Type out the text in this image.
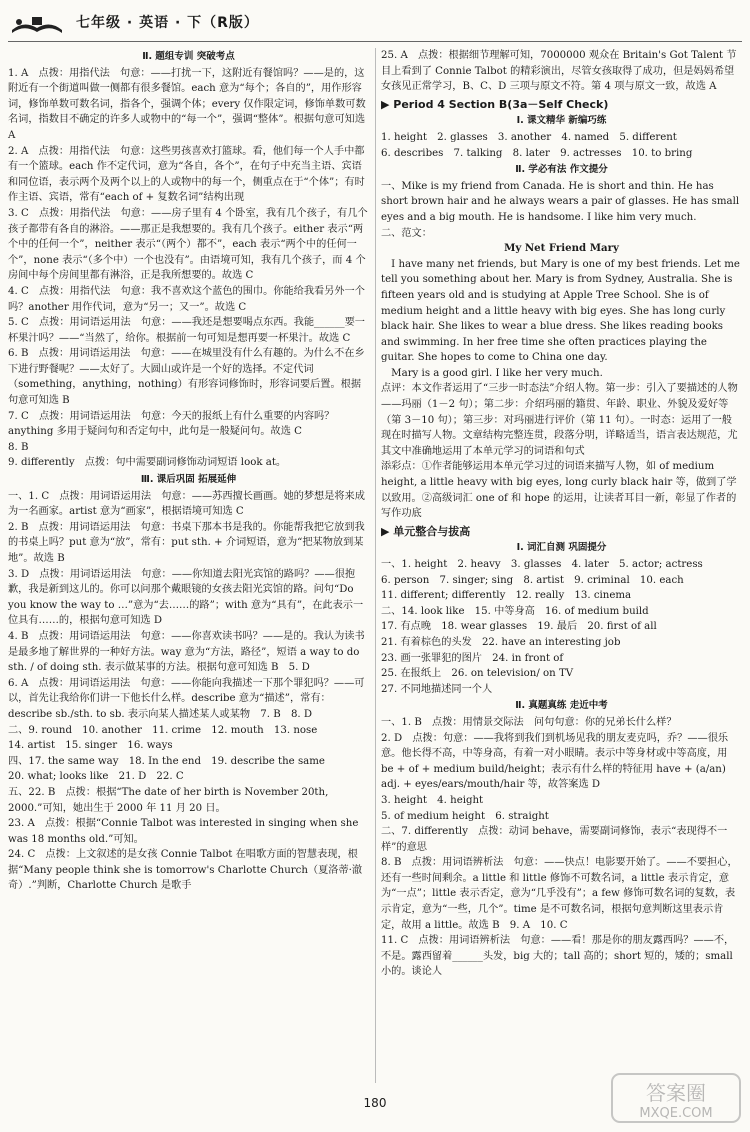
七年级 · 英语 · 下（R版）
Ⅱ. 题组专训 突破考点
1. A　点拨：用指代法　句意：——打扰一下，这附近有餐馆吗？——是的，这附近有一个街道叫做一侧都有很多餐馆。each 意为“每个；各自的”，用作形容词，修饰单数可数名词，指各个，强调个体；every 仅作限定词，修饰单数可数名词，指数目不确定的许多人或物中的“每一个”，强调“整体”。根据句意可知选 A
2. A　点拨：用指代法　句意：这些男孩喜欢打篮球。看，他们每一个人手中都有一个篮球。each 作不定代词，意为“各自，各个”，在句子中充当主语、宾语和同位语，表示两个及两个以上的人或物中的每一个，侧重点在于“个体”；有时作主语、宾语，常有“each of + 复数名词”结构出现
3. C　点拨：用指代法　句意：——房子里有 4 个卧室，我有几个孩子，有几个孩子都带有各自的淋浴。——那正是我想要的。我有几个孩子。either 表示“两个中的任何一个”，neither 表示“（两个）都不”，each 表示“两个中的任何一个”，none 表示“（多个中）一个也没有”。由语境可知，我有几个孩子，而 4 个房间中每个房间里都有淋浴，正是我所想要的。故选 C
4. C　点拨：用指代法　句意：我不喜欢这个蓝色的围巾。你能给我看另外一个吗？another 用作代词，意为“另一；又一”。故选 C
5. C　点拨：用词语运用法　句意：——我还是想要喝点东西。我能______要一杯果汁吗？——“当然了，给你。根据前一句可知是想再要一杯果汁。故选 C
6. B　点拨：用词语运用法　句意：——在城里没有什么有趣的。为什么不在乡下进行野餐呢？——太好了。大圆山或许是一个好的选择。不定代词（something，anything，nothing）有形容词修饰时，形容词要后置。根据句意可知选 B
7. C　点拨：用词语运用法　句意：今天的报纸上有什么重要的内容吗？anything 多用于疑问句和否定句中，此句是一般疑问句。故选 C
8. B
9. differently　点拨：句中需要副词修饰动词短语 look at。
Ⅲ. 课后巩固 拓展延伸
一、1. C　点拨：用词语运用法　句意：——苏西擅长画画。她的梦想是将来成为一名画家。artist 意为“画家”，根据语境可知选 C
2. B　点拨：用词语运用法　句意：书桌下那本书是我的。你能帮我把它放到我的书桌上吗？put 意为“放”，常有：put sth. + 介词短语，意为“把某物放到某地”。故选 B
3. D　点拨：用词语运用法　句意：——你知道去阳光宾馆的路吗？——很抱歉，我是新到这儿的。你可以问那个戴眼镜的女孩去阳光宾馆的路。问句“Do you know the way to …”意为“去……的路”；with 意为“具有”，在此表示一位具有……的，根据句意可知选 D
4. B　点拨：用词语运用法　句意：——你喜欢读书吗？——是的。我认为读书是最多地了解世界的一种好方法。way 意为“方法，路径”，短语 a way to do sth. / of doing sth. 表示做某事的方法。根据句意可知选 B　5. D
6. A　点拨：用词语运用法　句意：——你能向我描述一下那个罪犯吗？——可以，首先让我给你们讲一下他长什么样。describe 意为“描述”，常有：describe sb./sth. to sb. 表示向某人描述某人或某物　7. B　8. D
二、9. round　10. another　11. crime　12. mouth　13. nose
14. artist　15. singer　16. ways
四、17. the same way　18. In the end　19. describe the same
20. what; looks like　21. D　22. C
五、22. B　点拨：根据“The date of her birth is November 20th, 2000.”可知，她出生于 2000 年 11 月 20 日。
23. A　点拨：根据“Connie Talbot was interested in singing when she was 18 months old.”可知。
24. C　点拨：上文叙述的是女孩 Connie Talbot 在唱歌方面的智慧表现，根据“Many people think she is tomorrow's Charlotte Church（夏洛蒂·澈奇）.”判断，Charlotte Church 是歌手
25. A　点拨：根据细节理解可知，7000000 观众在 Britain's Got Talent 节目上看到了 Connie Talbot 的精彩演出，尽管女孩取得了成功，但是妈妈希望女孩见正常学习，B、C、D 三项与原文不符。第 4 项与原文一致，故选 A
▶ Period 4 Section B(3a－Self Check)
Ⅰ. 课文精华 新编巧练
1. height　2. glasses　3. another　4. named　5. different
6. describes　7. talking　8. later　9. actresses　10. to bring
Ⅱ. 学必有法 作文提分
一、Mike is my friend from Canada. He is short and thin. He has short brown hair and he always wears a pair of glasses. He has small eyes and a big mouth. He is handsome. I like him very much.
二、范文：
My Net Friend Mary
　I have many net friends, but Mary is one of my best friends. Let me tell you something about her. Mary is from Sydney, Australia. She is fifteen years old and is studying at Apple Tree School. She is of medium height and a little heavy with big eyes. She has long curly black hair. She likes to wear a blue dress. She likes reading books and swimming. In her free time she often practices playing the guitar. She hopes to come to China one day.
　Mary is a good girl. I like her very much.
点评：本文作者运用了“三步一时态法”介绍人物。第一步：引入了要描述的人物——玛丽（1－2 句）；第二步：介绍玛丽的籍贯、年龄、职业、外貌及爱好等（第 3－10 句）；第三步：对玛丽进行评价（第 11 句）。一时态：运用了一般现在时描写人物。文章结构完整连贯，段落分明，详略适当，语言表达规范，尤其文中准确地运用了本单元学习的词语和句式
添彩点：①作者能够运用本单元学习过的词语来描写人物，如 of medium height, a little heavy with big eyes, long curly black hair 等，做到了学以致用。②高级词汇 one of 和 hope 的运用，让读者耳目一新，彰显了作者的写作功底
▶ 单元整合与拔高
Ⅰ. 词汇自测 巩固提分
一、1. height　2. heavy　3. glasses　4. later　5. actor; actress
6. person　7. singer; sing　8. artist　9. criminal　10. each
11. different; differently　12. really　13. cinema
二、14. look like　15. 中等身高　16. of medium build
17. 有点晚　18. wear glasses　19. 最后　20. first of all
21. 有着棕色的头发　22. have an interesting job
23. 画一张罪犯的图片　24. in front of
25. 在报纸上　26. on television/ on TV
27. 不同地描述同一个人
Ⅱ. 真题真练 走近中考
一、1. B　点拨：用情景交际法　问句句意：你的兄弟长什么样？
2. D　点拨：句意：——我将到我们到机场见我的朋友麦克吗，乔？——很乐意。他长得不高，中等身高，有着一对小眼睛。表示中等身材或中等高度，用 be + of + medium build/height；表示有什么样的特征用 have + (a/an) adj. + eyes/ears/mouth/hair 等，故答案选 D
3. height　4. height
5. of medium height　6. straight
二、7. differently　点拨：动词 behave，需要副词修饰，表示“表现得不一样”的意思
8. B　点拨：用词语辨析法　句意：——快点！电影要开始了。——不要担心，还有一些时间剩余。a little 和 little 修饰不可数名词，a little 表示肯定，意为“一点”；little 表示否定，意为“几乎没有”；a few 修饰可数名词的复数，表示肯定，意为“一些，几个”。time 是不可数名词，根据句意判断这里表示肯定，故用 a little。故选 B　9. A　10. C
11. C　点拨：用词语辨析法　句意：——看！那是你的朋友露西吗？——不，不是。露西留着______头发，big 大的；tall 高的；short 短的，矮的；small 小的。谈论人
180	答案圈
MXQE.COM
